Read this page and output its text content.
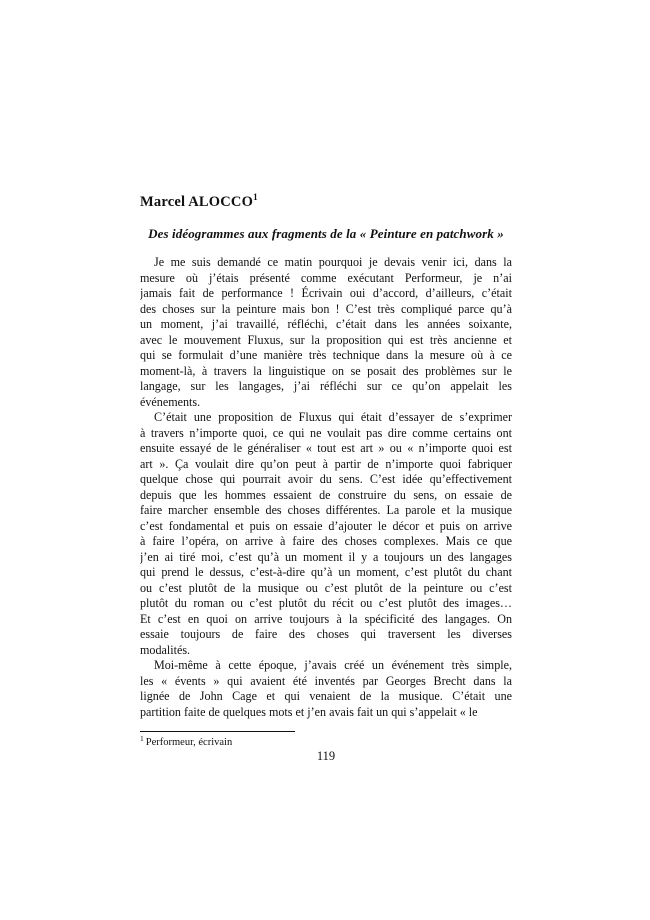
Marcel ALOCCO$^1$
Des idéogrammes aux fragments de la « Peinture en patchwork »
Je me suis demandé ce matin pourquoi je devais venir ici, dans la
mesure où j’étais présenté comme exécutant Performeur, je n’ai
jamais fait de performance ! Écrivain oui d’accord, d’ailleurs, c’était
des choses sur la peinture mais bon ! C’est très compliqué parce qu’à
un moment, j’ai travaillé, réfléchi, c’était dans les années soixante,
avec le mouvement Fluxus, sur la proposition qui est très ancienne et
qui se formulait d’une manière très technique dans la mesure où à ce
moment-là, à travers la linguistique on se posait des problèmes sur le
langage, sur les langages, j’ai réfléchi sur ce qu’on appelait les
événements.
C’était une proposition de Fluxus qui était d’essayer de s’exprimer
à travers n’importe quoi, ce qui ne voulait pas dire comme certains ont
ensuite essayé de le généraliser « tout est art » ou « n’importe quoi est
art ». Ça voulait dire qu’on peut à partir de n’importe quoi fabriquer
quelque chose qui pourrait avoir du sens. C’est idée qu’effectivement
depuis que les hommes essaient de construire du sens, on essaie de
faire marcher ensemble des choses différentes. La parole et la musique
c’est fondamental et puis on essaie d’ajouter le décor et puis on arrive
à faire l’opéra, on arrive à faire des choses complexes. Mais ce que
j’en ai tiré moi, c’est qu’à un moment il y a toujours un des langages
qui prend le dessus, c’est-à-dire qu’à un moment, c’est plutôt du chant
ou c’est plutôt de la musique ou c’est plutôt de la peinture ou c’est
plutôt du roman ou c’est plutôt du récit ou c’est plutôt des images…
Et c’est en quoi on arrive toujours à la spécificité des langages. On
essaie toujours de faire des choses qui traversent les diverses
modalités.
Moi-même à cette époque, j’avais créé un événement très simple,
les « évents » qui avaient été inventés par Georges Brecht dans la
lignée de John Cage et qui venaient de la musique. C’était une
partition faite de quelques mots et j’en avais fait un qui s’appelait « le
$^1$ Performeur, écrivain
119
